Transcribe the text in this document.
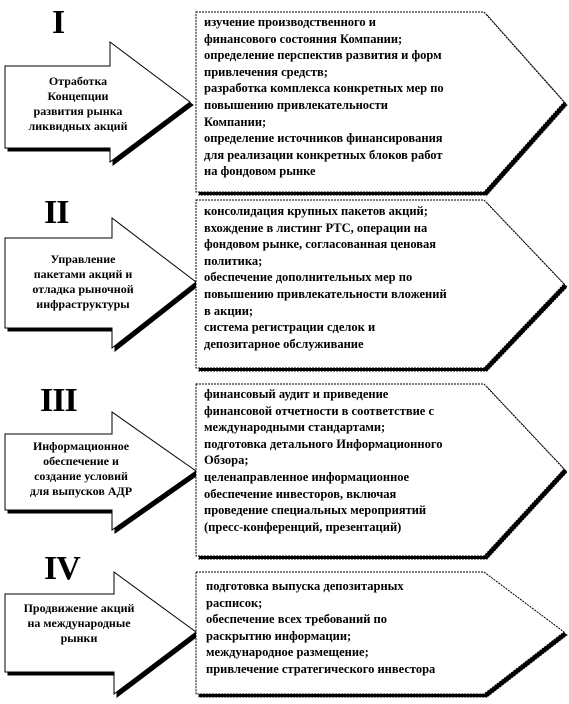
I
II
III
IV
Отработка
Концепции
развития рынка
ликвидных акций
Управление
пакетами акций и
отладка рыночной
инфраструктуры
Информационное
обеспечение и
создание условий
для выпусков АДР
Продвижение акций
на международные
рынки
изучение производственного и
финансового состояния Компании;
определение перспектив развития и форм
привлечения средств;
разработка комплекса конкретных мер по
повышению привлекательности
Компании;
определение источников финансирования
для реализации конкретных блоков работ
на фондовом рынке
консолидация крупных пакетов акций;
вхождение в листинг РТС, операции на
фондовом рынке, согласованная ценовая
политика;
обеспечение дополнительных мер по
повышению привлекательности вложений
в акции;
система регистрации сделок и
депозитарное обслуживание
финансовый аудит и приведение
финансовой отчетности в соответствие с
международными стандартами;
подготовка детального Информационного
Обзора;
целенаправленное информационное
обеспечение инвесторов, включая
проведение специальных мероприятий
(пресс-конференций, презентаций)
подготовка выпуска депозитарных
расписок;
обеспечение всех требований по
раскрытию информации;
международное размещение;
привлечение стратегического инвестора
